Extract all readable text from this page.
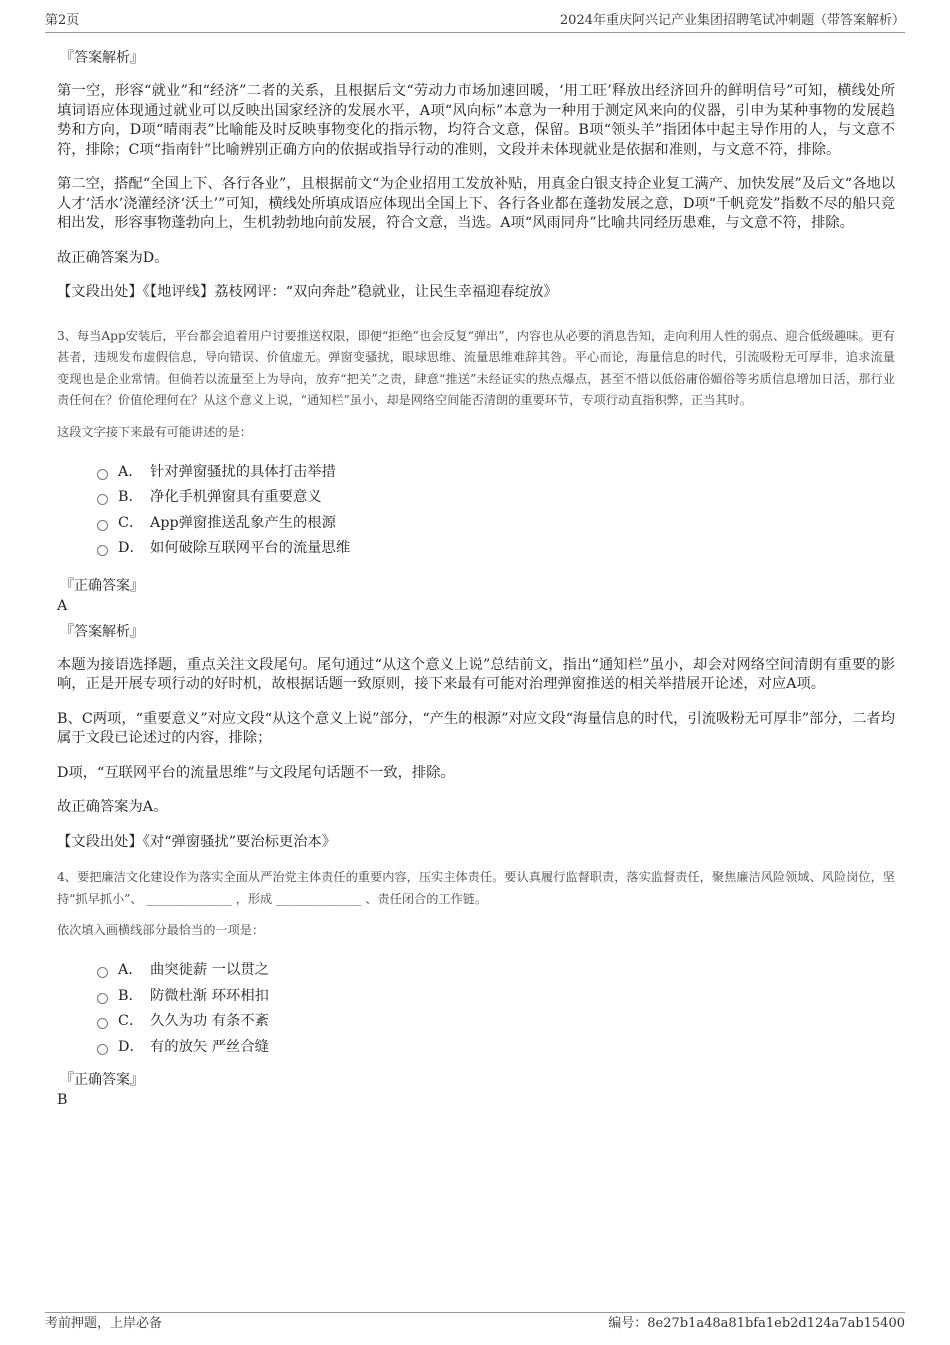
第2页	2024年重庆阿兴记产业集团招聘笔试冲刺题（带答案解析）
『答案解析』

第一空，形容“就业”和“经济”二者的关系，且根据后文“劳动力市场加速回暖，‘用工旺’释放出经济回升的鲜明信号”可知，横线处所填词语应体现通过就业可以反映出国家经济的发展水平，A项“风向标”本意为一种用于测定风来向的仪器，引申为某种事物的发展趋势和方向，D项“晴雨表”比喻能及时反映事物变化的指示物，均符合文意，保留。B项“领头羊”指团体中起主导作用的人，与文意不符，排除；C项“指南针”比喻辨别正确方向的依据或指导行动的准则，文段并未体现就业是依据和准则，与文意不符，排除。

第二空，搭配“全国上下、各行各业”，且根据前文“为企业招用工发放补贴，用真金白银支持企业复工满产、加快发展”及后文“各地以人才‘活水’浇灌经济‘沃土’”可知，横线处所填成语应体现出全国上下、各行各业都在蓬勃发展之意，D项“千帆竞发”指数不尽的船只竞相出发，形容事物蓬勃向上，生机勃勃地向前发展，符合文意，当选。A项“风雨同舟”比喻共同经历患难，与文意不符，排除。

故正确答案为D。

【文段出处】《【地评线】荔枝网评：“双向奔赴”稳就业，让民生幸福迎春绽放》

3、每当App安装后，平台都会追着用户讨要推送权限，即便“拒绝”也会反复“弹出”，内容也从必要的消息告知，走向利用人性的弱点、迎合低级趣味。更有甚者，违规发布虚假信息，导向错误、价值虚无。弹窗变骚扰，眼球思维、流量思维难辞其咎。平心而论，海量信息的时代，引流吸粉无可厚非，追求流量变现也是企业常情。但倘若以流量至上为导向，放弃“把关”之责，肆意“推送”未经证实的热点爆点，甚至不惜以低俗庸俗媚俗等劣质信息增加日活，那行业责任何在？价值伦理何在？从这个意义上说，“通知栏”虽小，却是网络空间能否清朗的重要环节，专项行动直指积弊，正当其时。

这段文字接下来最有可能讲述的是：

A． 针对弹窗骚扰的具体打击举措
B． 净化手机弹窗具有重要意义
C． App弹窗推送乱象产生的根源
D． 如何破除互联网平台的流量思维
『正确答案』
A
『答案解析』

本题为接语选择题，重点关注文段尾句。尾句通过“从这个意义上说”总结前文，指出“通知栏”虽小，却会对网络空间清朗有重要的影响，正是开展专项行动的好时机，故根据话题一致原则，接下来最有可能对治理弹窗推送的相关举措展开论述，对应A项。

B、C两项，“重要意义”对应文段“从这个意义上说”部分，“产生的根源”对应文段“海量信息的时代，引流吸粉无可厚非”部分，二者均属于文段已论述过的内容，排除；

D项，“互联网平台的流量思维”与文段尾句话题不一致，排除。

故正确答案为A。

【文段出处】《对“弹窗骚扰”要治标更治本》

4、要把廉洁文化建设作为落实全面从严治党主体责任的重要内容，压实主体责任。要认真履行监督职责，落实监督责任，聚焦廉洁风险领域、风险岗位，坚持“抓早抓小”、 ______________ ，形成 ______________ 、责任闭合的工作链。

依次填入画横线部分最恰当的一项是：

A． 曲突徙薪 一以贯之
B． 防微杜渐 环环相扣
C． 久久为功 有条不紊
D． 有的放矢 严丝合缝
『正确答案』
B
考前押题，上岸必备	编号：8e27b1a48a81bfa1eb2d124a7ab15400
